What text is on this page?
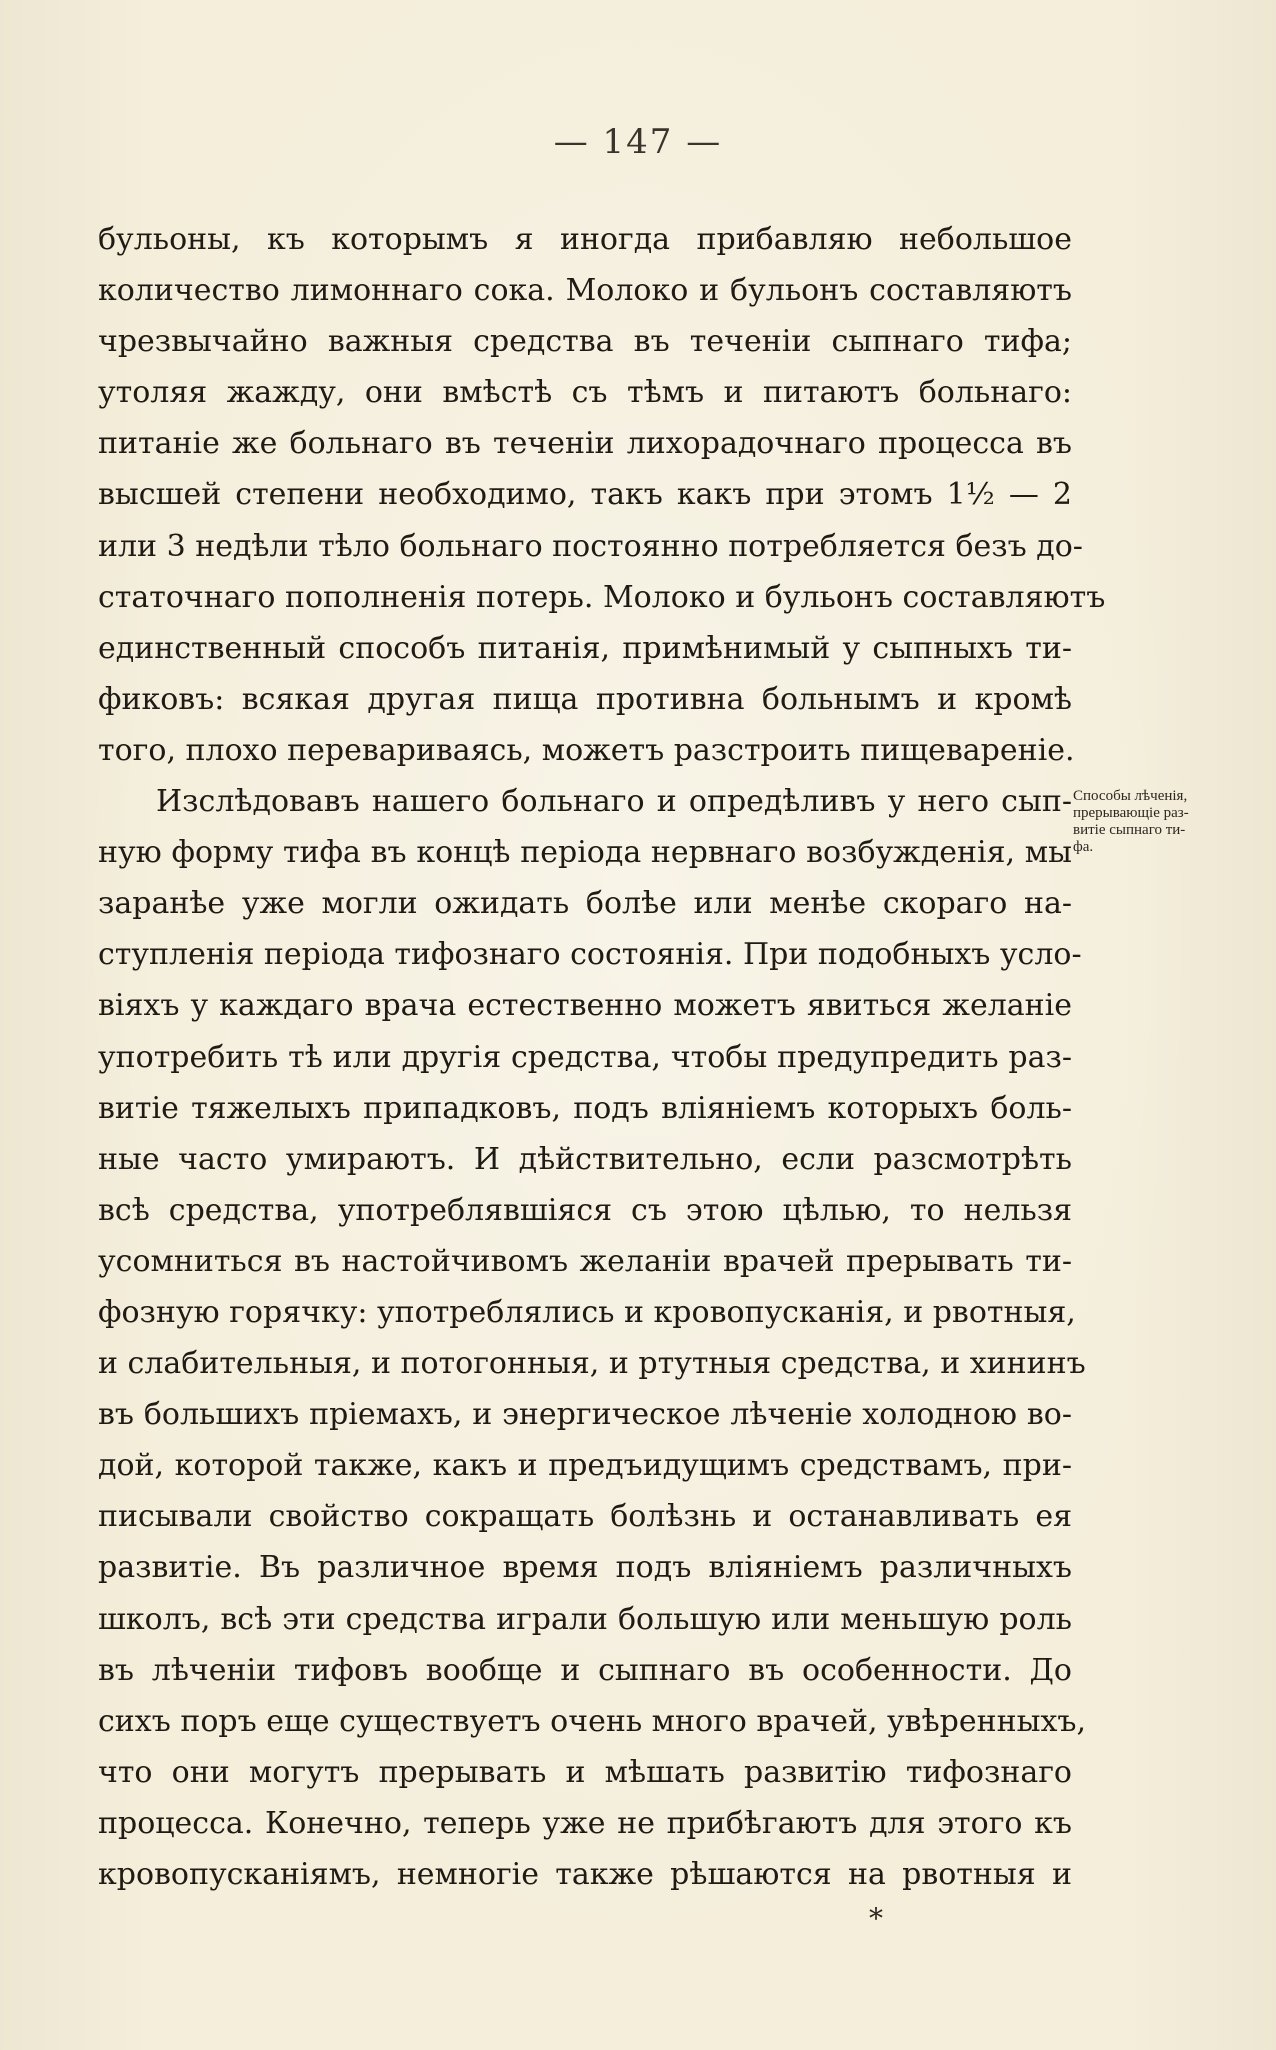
— 147 —
бульоны, къ которымъ я иногда прибавляю небольшое
количество лимоннаго сока. Молоко и бульонъ составляютъ
чрезвычайно важныя средства въ теченіи сыпнаго тифа;
утоляя жажду, они вмѣстѣ съ тѣмъ и питаютъ больнаго:
питаніе же больнаго въ теченіи лихорадочнаго процесса въ
высшей степени необходимо, такъ какъ при этомъ 1½ — 2
или 3 недѣли тѣло больнаго постоянно потребляется безъ до-
статочнаго пополненія потерь. Молоко и бульонъ составляютъ
единственный способъ питанія, примѣнимый у сыпныхъ ти-
фиковъ: всякая другая пища противна больнымъ и кромѣ
того, плохо перевариваясь, можетъ разстроить пищевареніе.
Изслѣдовавъ нашего больнаго и опредѣливъ у него сып-
ную форму тифа въ концѣ періода нервнаго возбужденія, мы
заранѣе уже могли ожидать болѣе или менѣе скораго на-
ступленія періода тифознаго состоянія. При подобныхъ усло-
віяхъ у каждаго врача естественно можетъ явиться желаніе
употребить тѣ или другія средства, чтобы предупредить раз-
витіе тяжелыхъ припадковъ, подъ вліяніемъ которыхъ боль-
ные часто умираютъ. И дѣйствительно, если разсмотрѣть
всѣ средства, употреблявшіяся съ этою цѣлью, то нельзя
усомниться въ настойчивомъ желаніи врачей прерывать ти-
фозную горячку: употреблялись и кровопусканія, и рвотныя,
и слабительныя, и потогонныя, и ртутныя средства, и хининъ
въ большихъ пріемахъ, и энергическое лѣченіе холодною во-
дой, которой также, какъ и предъидущимъ средствамъ, при-
писывали свойство сокращать болѣзнь и останавливать ея
развитіе. Въ различное время подъ вліяніемъ различныхъ
школъ, всѣ эти средства играли большую или меньшую роль
въ лѣченіи тифовъ вообще и сыпнаго въ особенности. До
сихъ поръ еще существуетъ очень много врачей, увѣренныхъ,
что они могутъ прерывать и мѣшать развитію тифознаго
процесса. Конечно, теперь уже не прибѣгаютъ для этого къ
кровопусканіямъ, немногіе также рѣшаются на рвотныя и
Способы лѣченія,
прерывающіе раз-
витіе сыпнаго ти-
фа.
*
